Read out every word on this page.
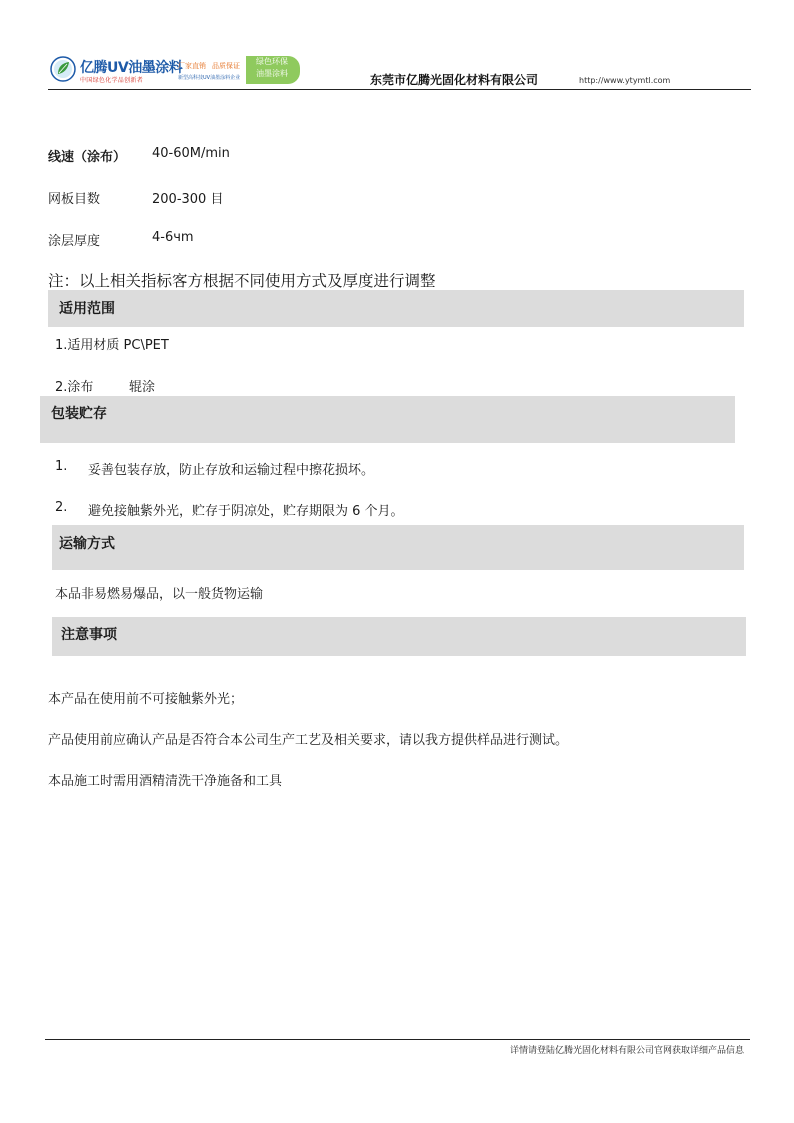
亿腾UV油墨涂料
中国绿色化学品创新者
厂家直销 品质保证
新型高科技UV油墨涂料企业
绿色环保
油墨涂料	东莞市亿腾光固化材料有限公司	http://www.ytymtl.com
线速（涂布） 40-60M/min
网板目数	200-300 目
涂层厚度	4-6чm
注：以上相关指标客方根据不同使用方式及厚度进行调整
适用范围
1.适用材质 PC\PET
2.涂布	辊涂
包装贮存
1. 妥善包装存放，防止存放和运输过程中擦花损坏。
2. 避免接触紫外光，贮存于阴凉处，贮存期限为 6 个月。
运输方式
本品非易燃易爆品，以一般货物运输
注意事项
本产品在使用前不可接触紫外光；
产品使用前应确认产品是否符合本公司生产工艺及相关要求，请以我方提供样品进行测试。
本品施工时需用酒精清洗干净施备和工具
详情请登陆亿腾光固化材料有限公司官网获取详细产品信息
